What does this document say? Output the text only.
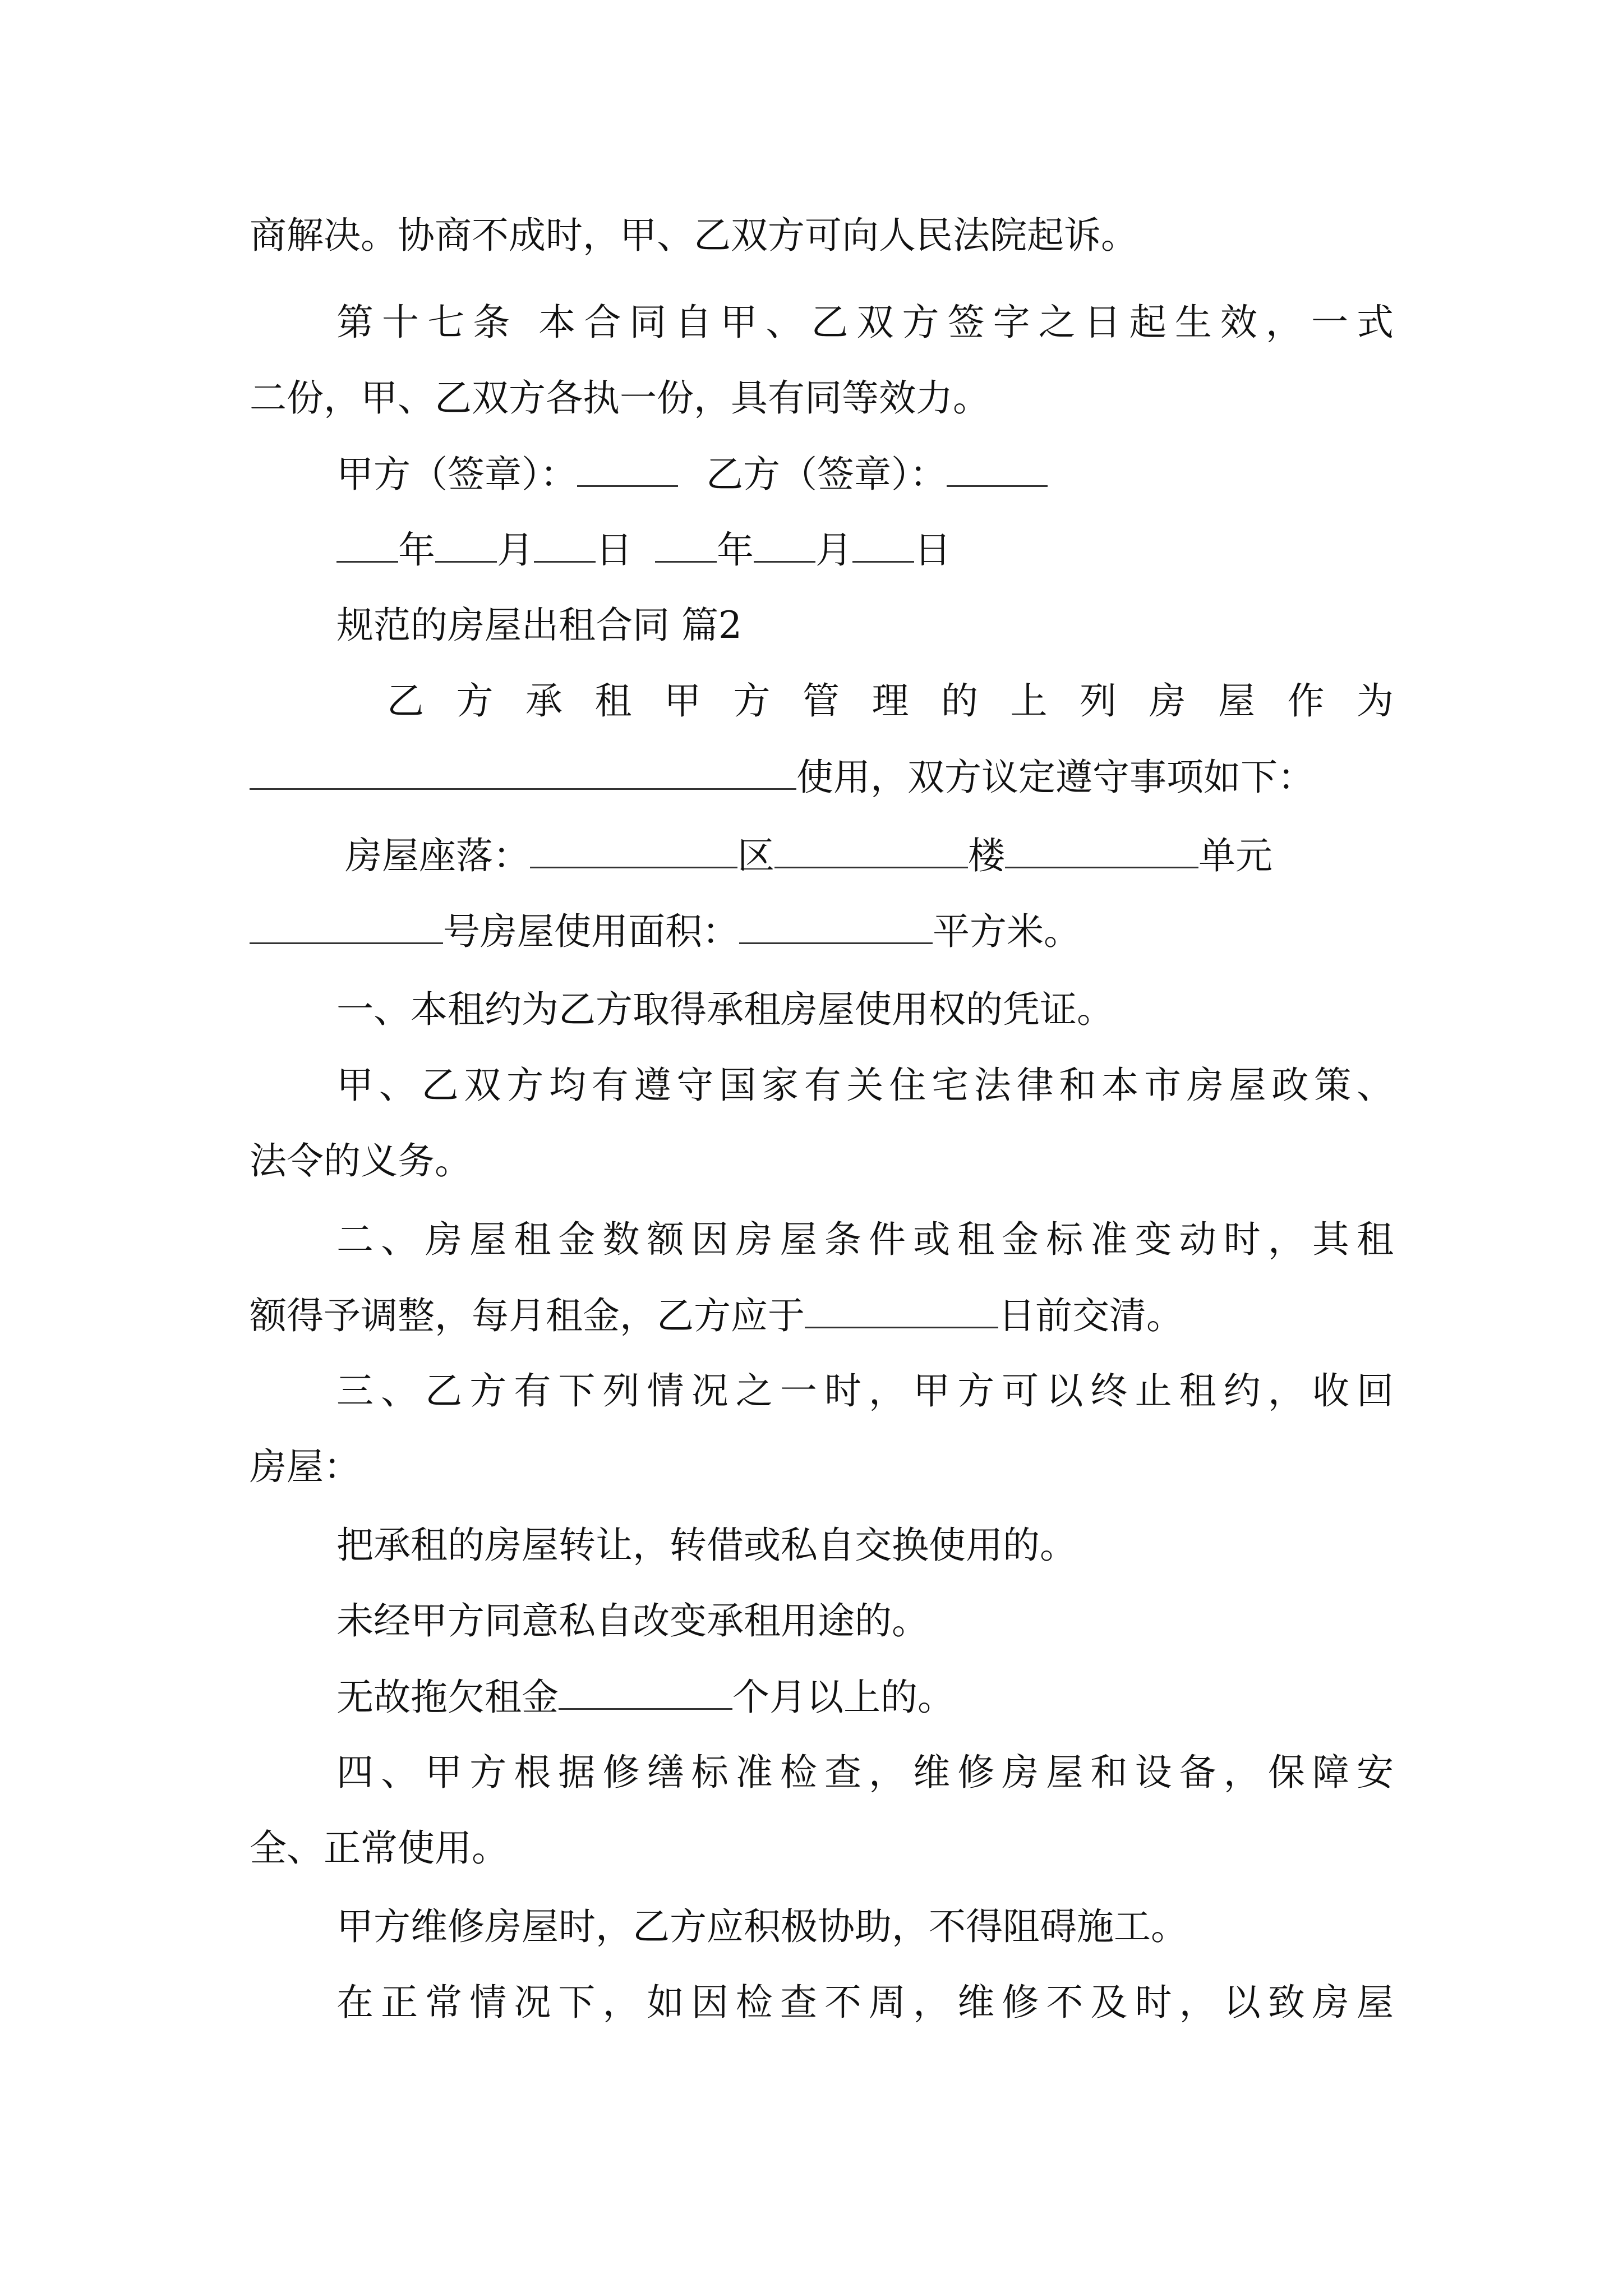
商解决。协商不成时，甲、乙双方可向人民法院起诉。
第十七条 本合同自甲、乙双方签字之日起生效，一式
二份，甲、乙双方各执一份，具有同等效力。
甲方（签章）：	乙方（签章）：
年 月 日 年 月 日
规范的房屋出租合同 篇2
乙方承租甲方管理的上列房屋作为
使用，双方议定遵守事项如下：
房屋座落：	区	楼	单元
号房屋使用面积：	平方米。
一、本租约为乙方取得承租房屋使用权的凭证。
甲、乙双方均有遵守国家有关住宅法律和本市房屋政策、
法令的义务。
二、房屋租金数额因房屋条件或租金标准变动时，其租
额得予调整，每月租金，乙方应于	日前交清。
三、乙方有下列情况之一时，甲方可以终止租约，收回
房屋：
把承租的房屋转让，转借或私自交换使用的。
未经甲方同意私自改变承租用途的。
无故拖欠租金	个月以上的。
四、甲方根据修缮标准检查，维修房屋和设备，保障安
全、正常使用。
甲方维修房屋时，乙方应积极协助，不得阻碍施工。
在正常情况下，如因检查不周，维修不及时，以致房屋
